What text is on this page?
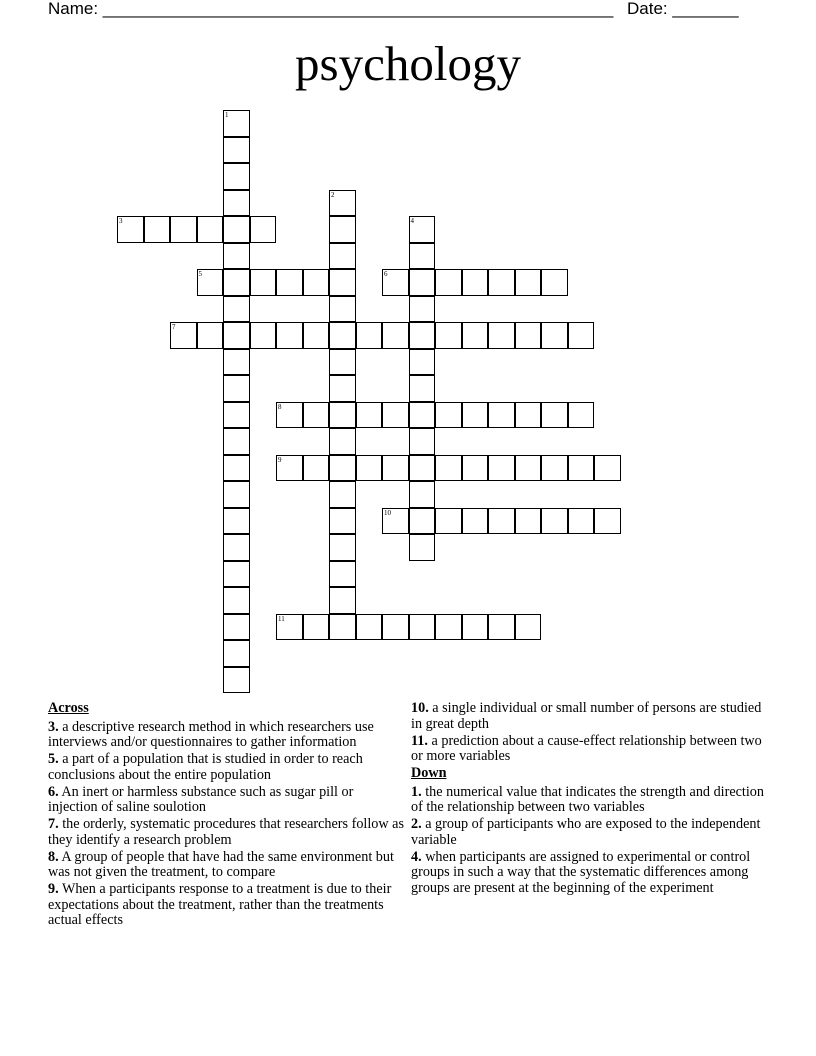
Name: ______________________________________________________ Date: _______
psychology
1
2
3	4
5	6
7
8
9
10
11
Across
3. a descriptive research method in which researchers use interviews and/or questionnaires to gather information
5. a part of a population that is studied in order to reach conclusions about the entire population
6. An inert or harmless substance such as sugar pill or injection of saline soulotion
7. the orderly, systematic procedures that researchers follow as they identify a research problem
8. A group of people that have had the same environment but was not given the treatment, to compare
9. When a participants response to a treatment is due to their expectations about the treatment, rather than the treatments actual effects
10. a single individual or small number of persons are studied in great depth
11. a prediction about a cause-effect relationship between two or more variables
Down
1. the numerical value that indicates the strength and direction of the relationship between two variables
2. a group of participants who are exposed to the independent variable
4. when participants are assigned to experimental or control groups in such a way that the systematic differences among groups are present at the beginning of the experiment
